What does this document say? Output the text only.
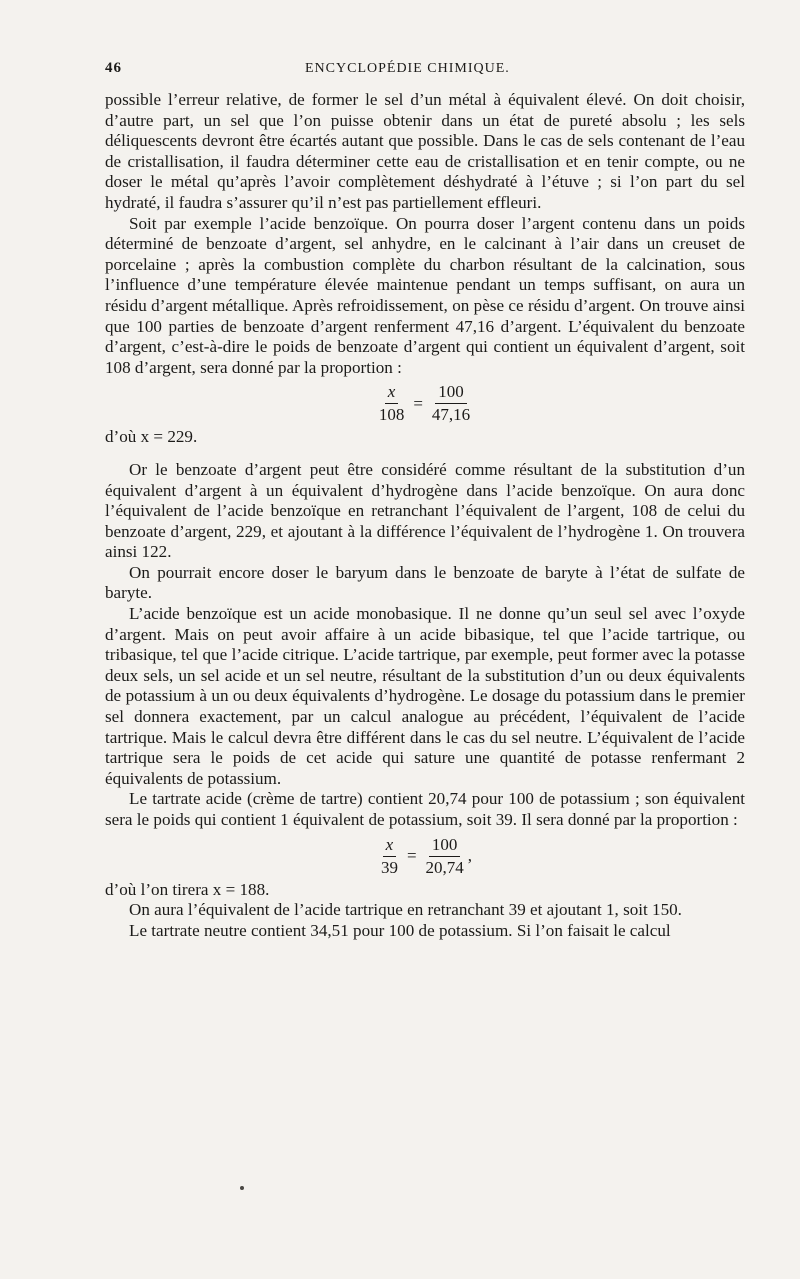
46	ENCYCLOPÉDIE CHIMIQUE.

possible l’erreur relative, de former le sel d’un métal à équivalent élevé. On doit choisir, d’autre part, un sel que l’on puisse obtenir dans un état de pureté absolu ; les sels déliquescents devront être écartés autant que possible. Dans le cas de sels contenant de l’eau de cristallisation, il faudra déterminer cette eau de cristallisation et en tenir compte, ou ne doser le métal qu’après l’avoir complètement déshydraté à l’étuve ; si l’on part du sel hydraté, il faudra s’assurer qu’il n’est pas partiellement effleuri.

Soit par exemple l’acide benzoïque. On pourra doser l’argent contenu dans un poids déterminé de benzoate d’argent, sel anhydre, en le calcinant à l’air dans un creuset de porcelaine ; après la combustion complète du charbon résultant de la calcination, sous l’influence d’une température élevée maintenue pendant un temps suffisant, on aura un résidu d’argent métallique. Après refroidissement, on pèse ce résidu d’argent. On trouve ainsi que 100 parties de benzoate d’argent renferment 47,16 d’argent. L’équivalent du benzoate d’argent, c’est-à-dire le poids de benzoate d’argent qui contient un équivalent d’argent, soit 108 d’argent, sera donné par la proportion :

$\frac{x}{108} = \frac{100}{47,16}$

d’où x = 229.

Or le benzoate d’argent peut être considéré comme résultant de la substitution d’un équivalent d’argent à un équivalent d’hydrogène dans l’acide benzoïque. On aura donc l’équivalent de l’acide benzoïque en retranchant l’équivalent de l’argent, 108 de celui du benzoate d’argent, 229, et ajoutant à la différence l’équivalent de l’hydrogène 1. On trouvera ainsi 122.

On pourrait encore doser le baryum dans le benzoate de baryte à l’état de sulfate de baryte.

L’acide benzoïque est un acide monobasique. Il ne donne qu’un seul sel avec l’oxyde d’argent. Mais on peut avoir affaire à un acide bibasique, tel que l’acide tartrique, ou tribasique, tel que l’acide citrique. L’acide tartrique, par exemple, peut former avec la potasse deux sels, un sel acide et un sel neutre, résultant de la substitution d’un ou deux équivalents de potassium à un ou deux équivalents d’hydrogène. Le dosage du potassium dans le premier sel donnera exactement, par un calcul analogue au précédent, l’équivalent de l’acide tartrique. Mais le calcul devra être différent dans le cas du sel neutre. L’équivalent de l’acide tartrique sera le poids de cet acide qui sature une quantité de potasse renfermant 2 équivalents de potassium.

Le tartrate acide (crème de tartre) contient 20,74 pour 100 de potassium ; son équivalent sera le poids qui contient 1 équivalent de potassium, soit 39. Il sera donné par la proportion :

$\frac{x}{39} = \frac{100}{20,74}$ ,

d’où l’on tirera x = 188.

On aura l’équivalent de l’acide tartrique en retranchant 39 et ajoutant 1, soit 150.

Le tartrate neutre contient 34,51 pour 100 de potassium. Si l’on faisait le calcul
